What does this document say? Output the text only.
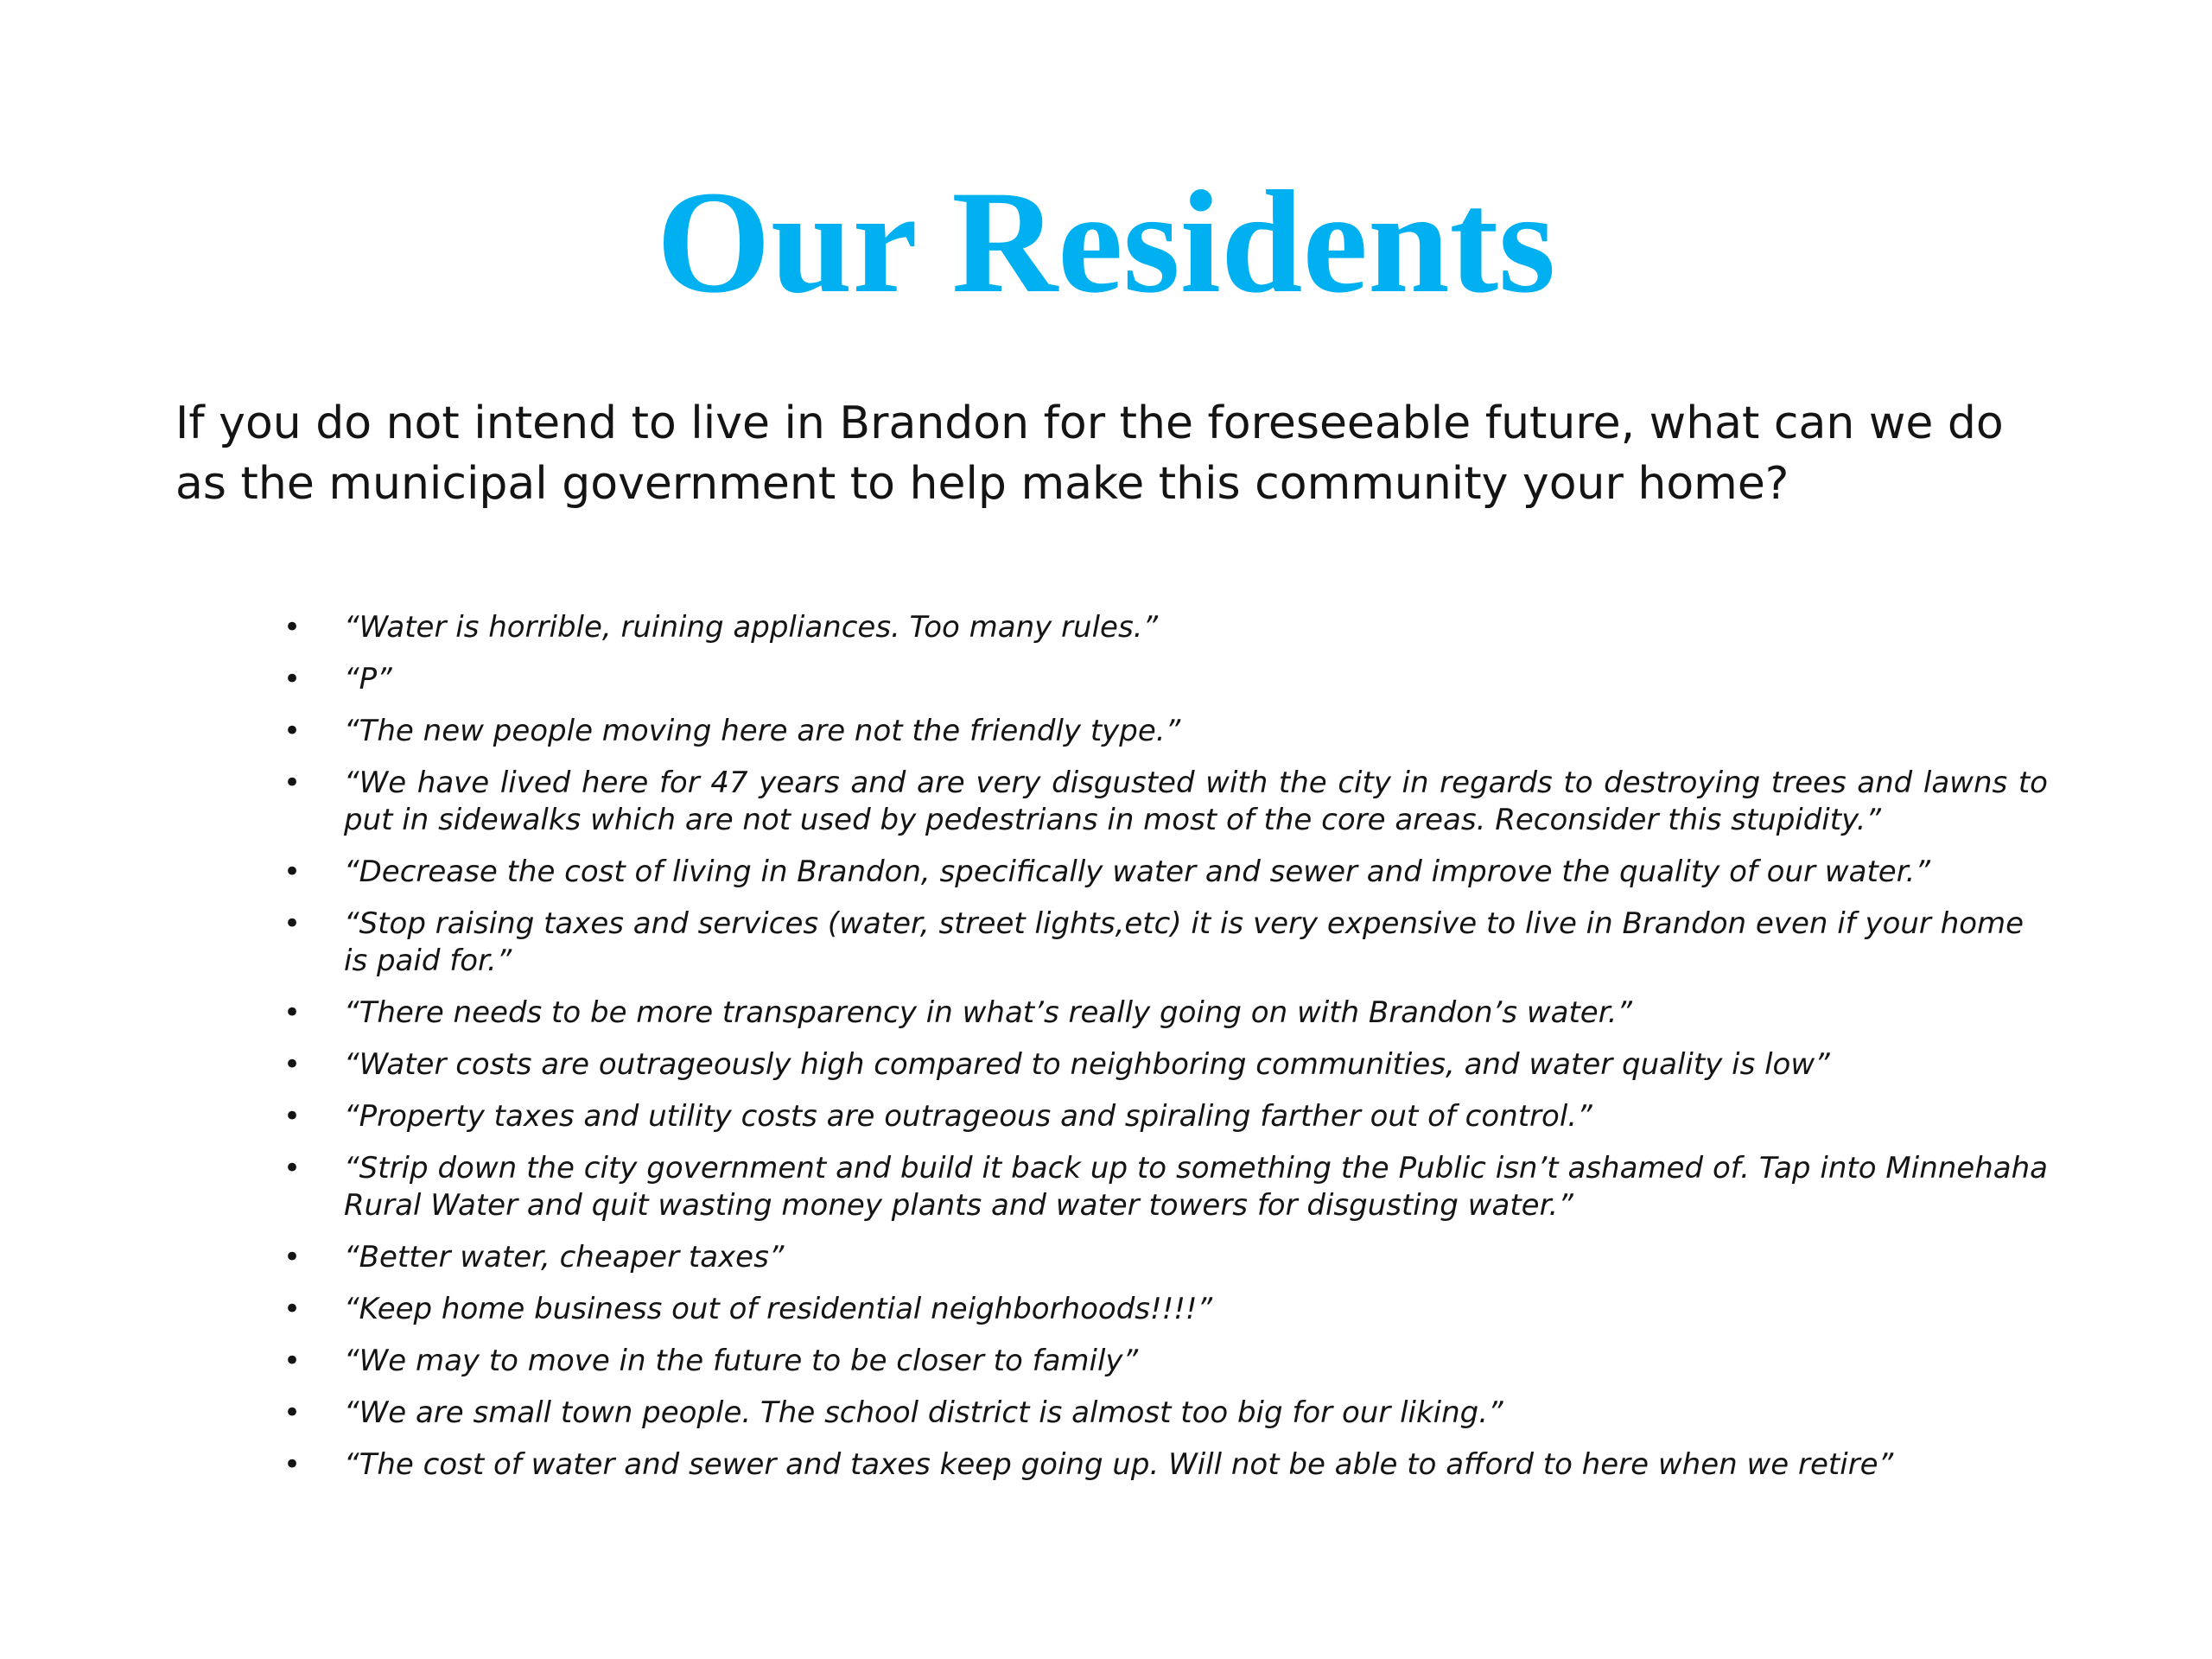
Our Residents
If you do not intend to live in Brandon for the foreseeable future, what can we do as the municipal government to help make this community your home?
• “Water is horrible, ruining appliances. Too many rules.”
• “P”
• “The new people moving here are not the friendly type.”
• “We have lived here for 47 years and are very disgusted with the city in regards to destroying trees and lawns to put in sidewalks which are not used by pedestrians in most of the core areas. Reconsider this stupidity.”
• “Decrease the cost of living in Brandon, specifically water and sewer and improve the quality of our water.”
• “Stop raising taxes and services (water, street lights,etc) it is very expensive to live in Brandon even if your home is paid for.”
• “There needs to be more transparency in what’s really going on with Brandon’s water.”
• “Water costs are outrageously high compared to neighboring communities, and water quality is low”
• “Property taxes and utility costs are outrageous and spiraling farther out of control.”
• “Strip down the city government and build it back up to something the Public isn’t ashamed of. Tap into Minnehaha Rural Water and quit wasting money plants and water towers for disgusting water.”
• “Better water, cheaper taxes”
• “Keep home business out of residential neighborhoods!!!!”
• “We may to move in the future to be closer to family”
• “We are small town people. The school district is almost too big for our liking.”
• “The cost of water and sewer and taxes keep going up. Will not be able to afford to here when we retire”
